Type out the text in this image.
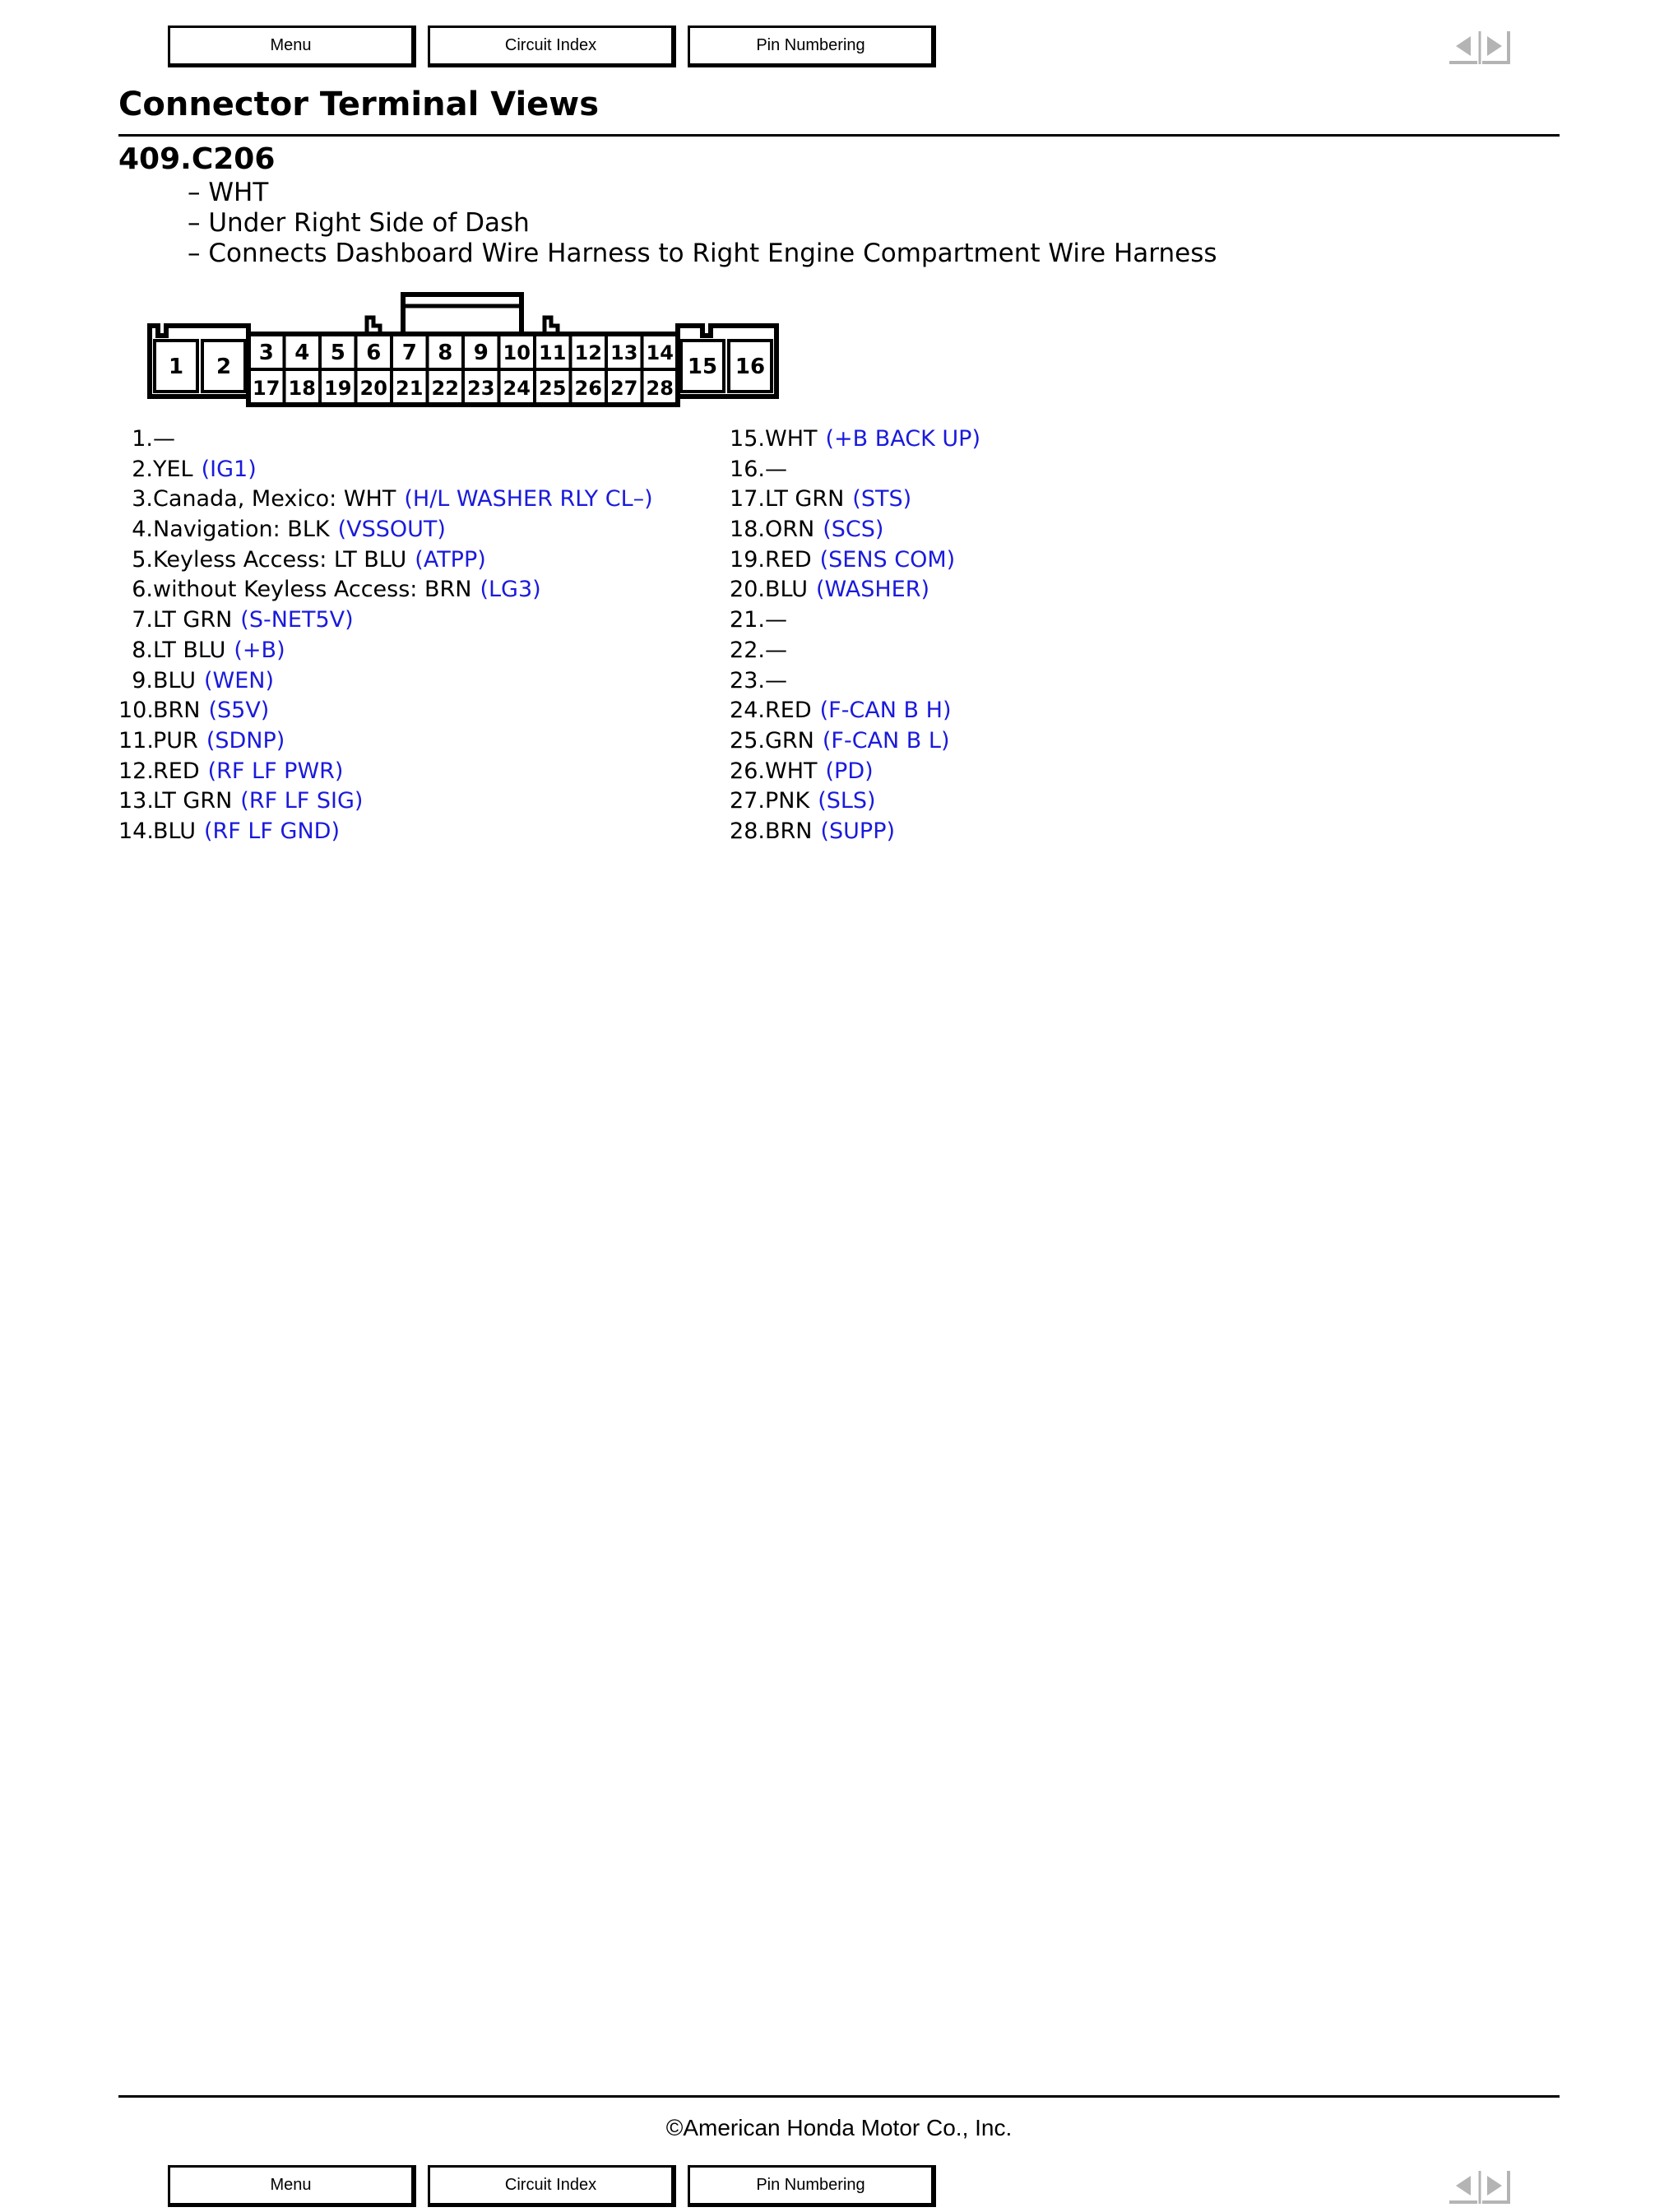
Menu	Circuit Index	Pin Numbering
Connector Terminal Views
409.C206
– WHT
– Under Right Side of Dash
– Connects Dashboard Wire Harness to Right Engine Compartment Wire Harness
1 2	15 16
3 4 5 6 7 8 9 10 11 12 13 14
17 18 19 20 21 22 23 24 25 26 27 28
1. —
2. YEL (IG1)
3. Canada, Mexico: WHT (H/L WASHER RLY CL–)
4. Navigation: BLK (VSSOUT)
5. Keyless Access: LT BLU (ATPP)
6. without Keyless Access: BRN (LG3)
7. LT GRN (S-NET5V)
8. LT BLU (+B)
9. BLU (WEN)
10. BRN (S5V)
11. PUR (SDNP)
12. RED (RF LF PWR)
13. LT GRN (RF LF SIG)
14. BLU (RF LF GND)
15. WHT (+B BACK UP)
16. —
17. LT GRN (STS)
18. ORN (SCS)
19. RED (SENS COM)
20. BLU (WASHER)
21. —
22. —
23. —
24. RED (F-CAN B H)
25. GRN (F-CAN B L)
26. WHT (PD)
27. PNK (SLS)
28. BRN (SUPP)
©American Honda Motor Co., Inc.
Menu	Circuit Index	Pin Numbering
